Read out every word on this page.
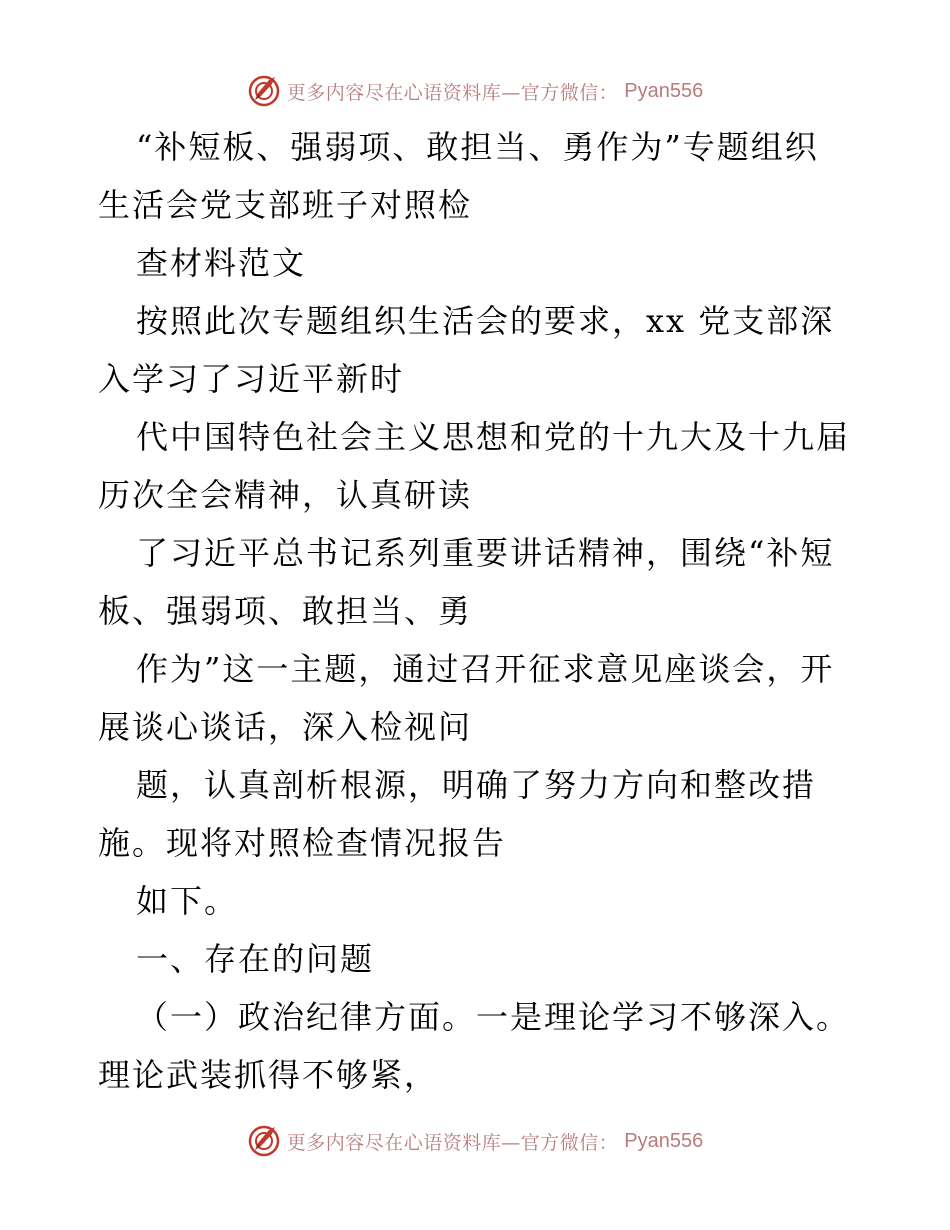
更多内容尽在心语资料库—官方微信： Pyan556
“补短板、强弱项、敢担当、勇作为”专题组织
生活会党支部班子对照检
查材料范文
按照此次专题组织生活会的要求，xx 党支部深
入学习了习近平新时
代中国特色社会主义思想和党的十九大及十九届
历次全会精神，认真研读
了习近平总书记系列重要讲话精神，围绕“补短
板、强弱项、敢担当、勇
作为”这一主题，通过召开征求意见座谈会，开
展谈心谈话，深入检视问
题，认真剖析根源，明确了努力方向和整改措
施。现将对照检查情况报告
如下。
一、存在的问题
（一）政治纪律方面。一是理论学习不够深入。
理论武装抓得不够紧，
更多内容尽在心语资料库—官方微信： Pyan556
